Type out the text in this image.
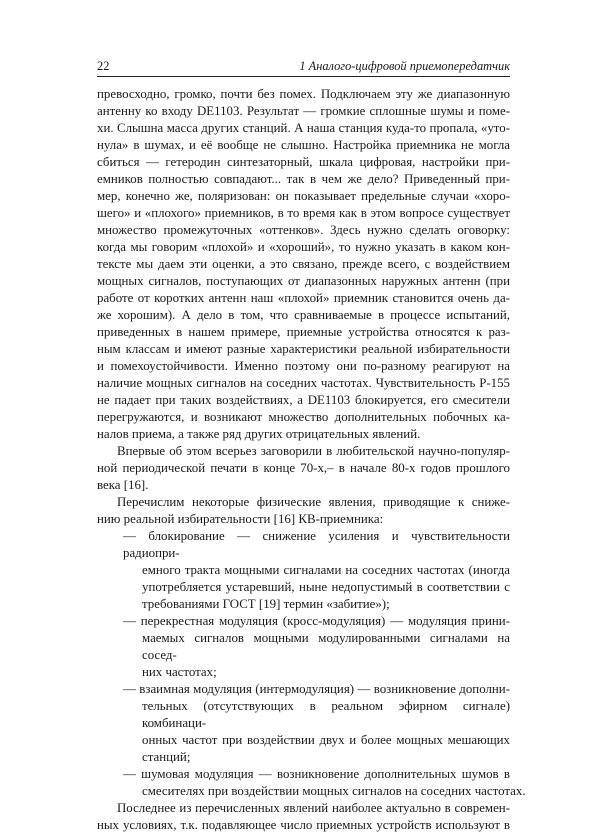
22	1 Аналого-цифровой приемопередатчик
превосходно, громко, почти без помех. Подключаем эту же диапазонную
антенну ко входу DE1103. Результат — громкие сплошные шумы и поме-
хи. Слышна масса других станций. А наша станция куда-то пропала, «уто-
нула» в шумах, и её вообще не слышно. Настройка приемника не могла
сбиться — гетеродин синтезаторный, шкала цифровая, настройки при-
емников полностью совпадают... так в чем же дело? Приведенный при-
мер, конечно же, поляризован: он показывает предельные случаи «хоро-
шего» и «плохого» приемников, в то время как в этом вопросе существует
множество промежуточных «оттенков». Здесь нужно сделать оговорку:
когда мы говорим «плохой» и «хороший», то нужно указать в каком кон-
тексте мы даем эти оценки, а это связано, прежде всего, с воздействием
мощных сигналов, поступающих от диапазонных наружных антенн (при
работе от коротких антенн наш «плохой» приемник становится очень да-
же хорошим). А дело в том, что сравниваемые в процессе испытаний,
приведенных в нашем примере, приемные устройства относятся к раз-
ным классам и имеют разные характеристики реальной избирательности
и помехоустойчивости. Именно поэтому они по-разному реагируют на
наличие мощных сигналов на соседних частотах. Чувствительность Р-155
не падает при таких воздействиях, а DE1103 блокируется, его смесители
перегружаются, и возникают множество дополнительных побочных ка-
налов приема, а также ряд других отрицательных явлений.
Впервые об этом всерьез заговорили в любительской научно-популяр-
ной периодической печати в конце 70-х,– в начале 80-х годов прошлого
века [16].
Перечислим некоторые физические явления, приводящие к сниже-
нию реальной избирательности [16] КВ-приемника:
— блокирование — снижение усиления и чувствительности радиопри-
емного тракта мощными сигналами на соседних частотах (иногда
употребляется устаревший, ныне недопустимый в соответствии с
требованиями ГОСТ [19] термин «забитие»);
— перекрестная модуляция (кросс-модуляция) — модуляция прини-
маемых сигналов мощными модулированными сигналами на сосед-
них частотах;
— взаимная модуляция (интермодуляция) — возникновение дополни-
тельных (отсутствующих в реальном эфирном сигнале) комбинаци-
онных частот при воздействии двух и более мощных мешающих
станций;
— шумовая модуляция — возникновение дополнительных шумов в
смесителях при воздействии мощных сигналов на соседних частотах.
Последнее из перечисленных явлений наиболее актуально в современ-
ных условиях, т.к. подавляющее число приемных устройств используют в
